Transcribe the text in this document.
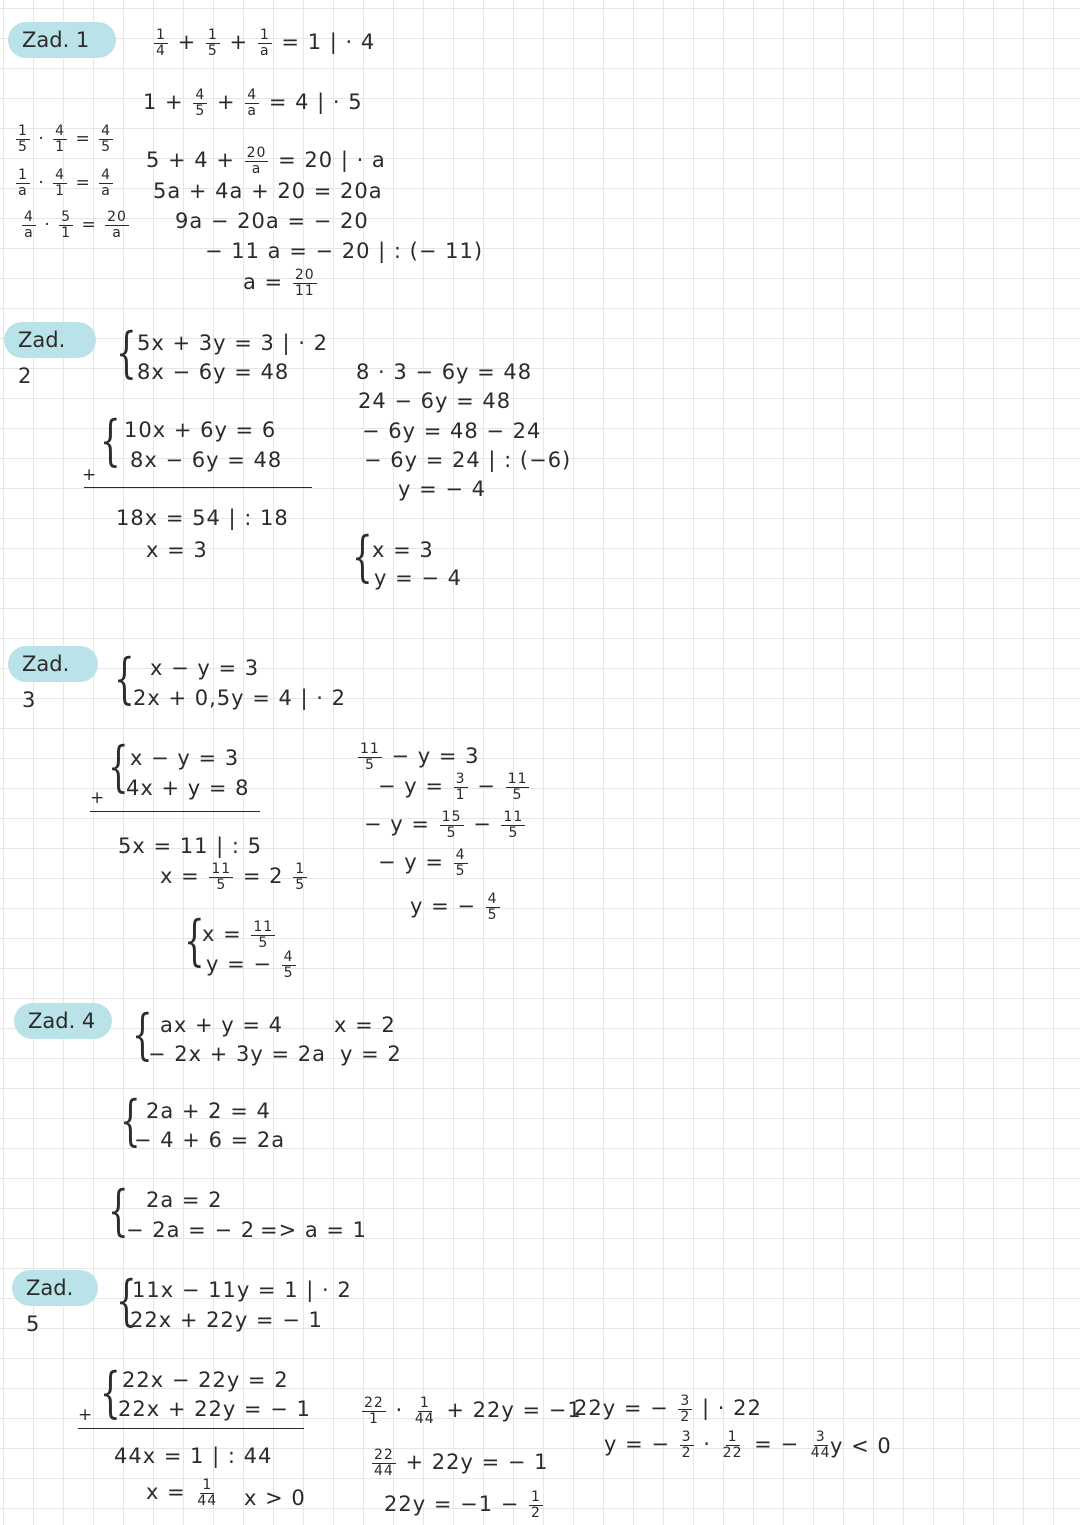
Zad. 1	$\frac{1}{4} + \frac{1}{5} + \frac{1}{a} = 1$ | · 4
$1 + \frac{4}{5} + \frac{4}{a} = 4$ | · 5
$5 + 4 + \frac{20}{a} = 20$ | · a
5a + 4a + 20 = 20a
9a − 20a = − 20
− 11 a = − 20 | : (− 11)
$a = \frac{20}{11}$
$\frac{1}{5} \cdot \frac{4}{1} = \frac{4}{5}$
$\frac{1}{a} \cdot \frac{4}{1} = \frac{4}{a}$
$\frac{4}{a} \cdot \frac{5}{1} = \frac{20}{a}$
Zad. 2	{ 5x + 3y = 3 | · 2
8x − 6y = 48
{ 10x + 6y = 6
8x − 6y = 48
+
18x = 54 | : 18
x = 3
8 · 3 − 6y = 48
24 − 6y = 48
− 6y = 48 − 24
− 6y = 24 | : (−6)
y = − 4
{ x = 3
y = − 4
Zad. 3	{ x − y = 3
2x + 0,5y = 4 | · 2
{ x − y = 3
4x + y = 8
+
5x = 11 | : 5
$x = \frac{11}{5} = 2 \frac{1}{5}$
{
$x = \frac{11}{5}$
y = − $\frac{4}{5}$
$\frac{11}{5} - y = 3$
− $y = \frac{3}{1} - \frac{11}{5}$
− $y = \frac{15}{5} - \frac{11}{5}$
− $y = \frac{4}{5}$
y = − $\frac{4}{5}$
Zad. 4 { ax + y = 4
− 2x + 3y = 2a
x = 2
y = 2
{ 2a + 2 = 4
− 4 + 6 = 2a
{ 2a = 2
− 2a = − 2 => a = 1
Zad. 5	{
11x − 11y = 1 | · 2
22x + 22y = − 1
{ 22x − 22y = 2
22x + 22y = − 1
+
44x = 1 | : 44
$x = \frac{1}{44}$ x > 0
$\frac{22}{1} \cdot \frac{1}{44} + 22y = -1$
$\frac{22}{44} + 22y$ = − 1
$22y = -1 - \frac{1}{2}$
22y = − $\frac{3}{2}$ | · 22
y = − $\frac{3}{2} \cdot \frac{1}{22}$ = − $\frac{3}{44}$
y < 0
